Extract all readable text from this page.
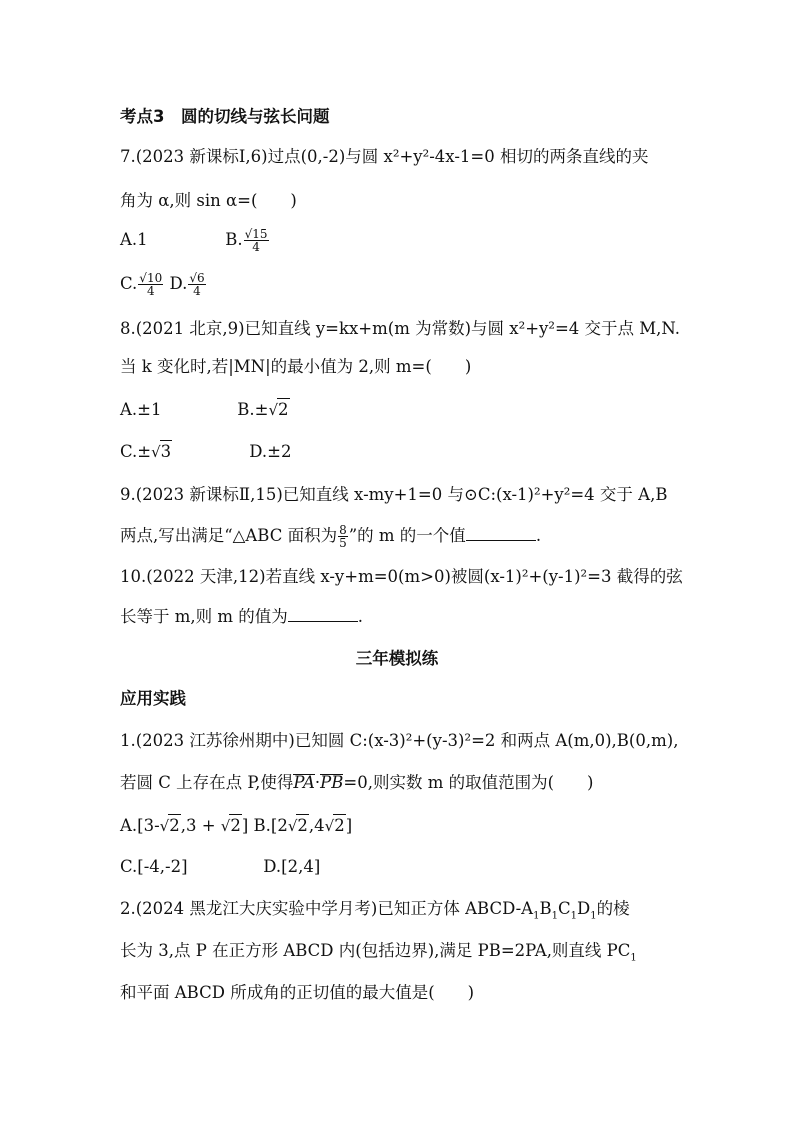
考点3　圆的切线与弦长问题
7.(2023 新课标Ⅰ,6)过点(0,-2)与圆 x²+y²-4x-1=0 相切的两条直线的夹
角为 α,则 sin α=(　　)
A.1	B. $\frac{√15}{4}$
C. $\frac{√10}{4} D$. $\frac{√6}{4}$
8.(2021 北京,9)已知直线 y=kx+m(m 为常数)与圆 x²+y²=4 交于点 M,N.
当 k 变化时,若|MN|的最小值为 2,则 m=(　　)
A.±1	B.±√2
C.±√3	D.±2
9.(2023 新课标Ⅱ,15)已知直线 x-my+1=0 与⊙C:(x-1)²+y²=4 交于 A,B
两点,写出满足“△ABC 面积为 $\frac{8}{5}$ ”的 m 的一个值	.
10.(2022 天津,12)若直线 x-y+m=0(m>0)被圆(x-1)²+(y-1)²=3 截得的弦
长等于 m,则 m 的值为	.
三年模拟练
应用实践
1.(2023 江苏徐州期中)已知圆 C:(x-3)²+(y-3)²=2 和两点 A(m,0),B(0,m),
若圆 C 上存在点 P,使得PA·PB=0,则实数 m 的取值范围为(　　)
A.[3-√2,3 + √2] B.[2√2,4√2]
C.[-4,-2]	D.[2,4]
2.(2024 黑龙江大庆实验中学月考)已知正方体 ABCD-$A_1B_1C_1D_1$的棱
长为 3,点 P 在正方形 ABCD 内(包括边界),满足 PB=2PA,则直线 $PC_1$
和平面 ABCD 所成角的正切值的最大值是(　　)
